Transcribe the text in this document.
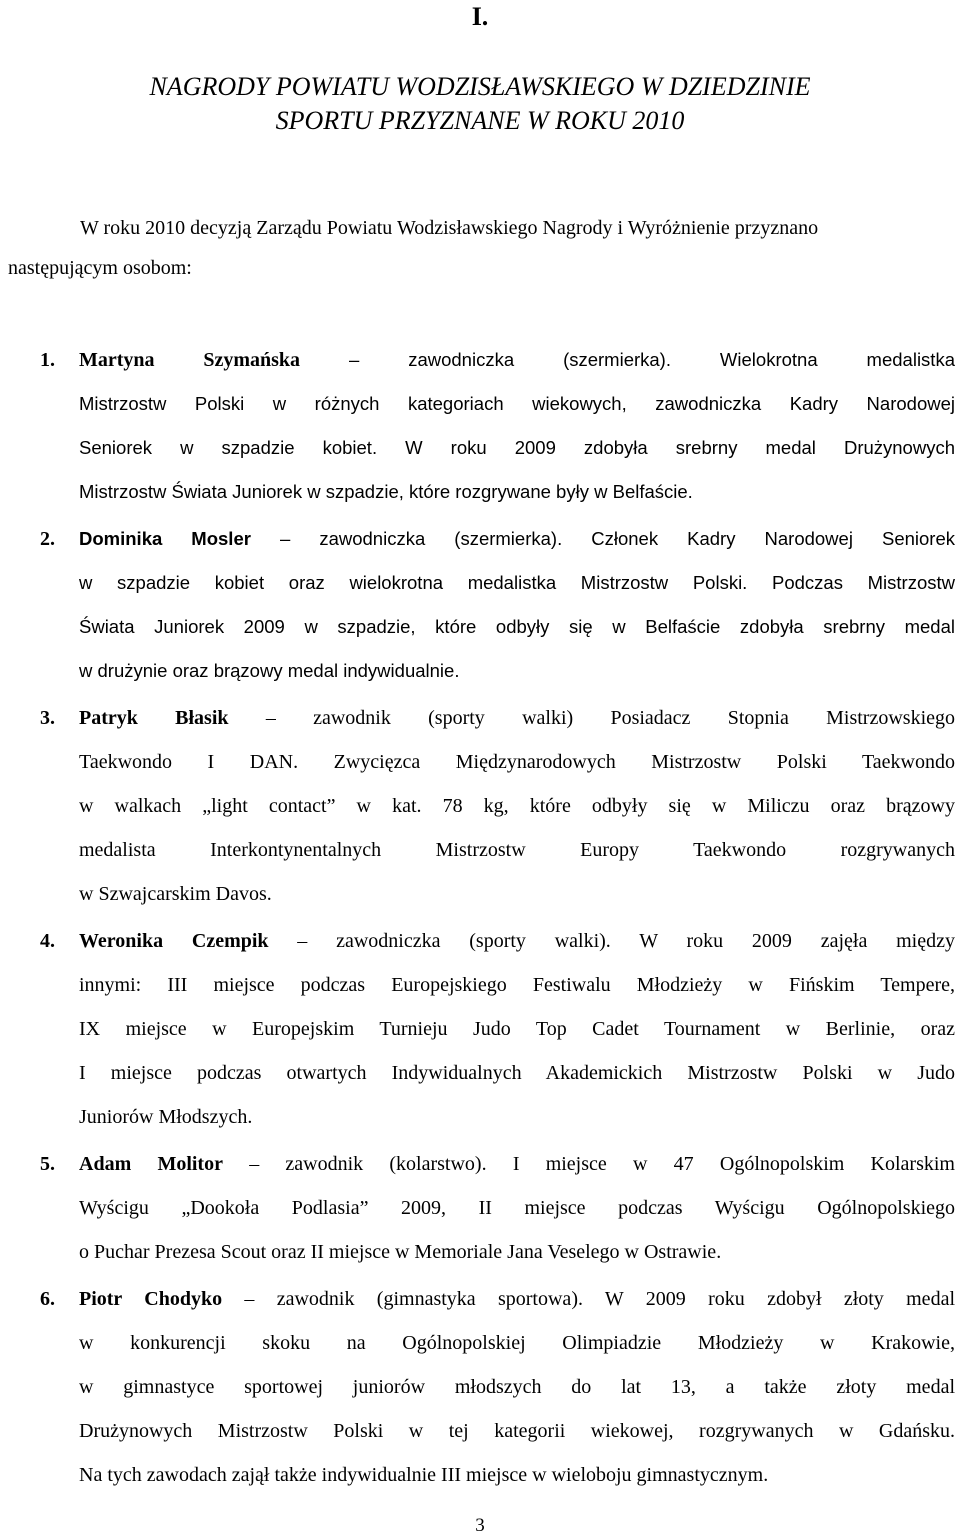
I.
NAGRODY POWIATU WODZISŁAWSKIEGO W DZIEDZINIE
SPORTU PRZYZNANE W ROKU 2010
W roku 2010 decyzją Zarządu Powiatu Wodzisławskiego Nagrody i Wyróżnienie przyznano następującym osobom:
1. Martyna Szymańska – zawodniczka (szermierka). Wielokrotna medalistka
Mistrzostw Polski w różnych kategoriach wiekowych, zawodniczka Kadry Narodowej
Seniorek w szpadzie kobiet. W roku 2009 zdobyła srebrny medal Drużynowych
Mistrzostw Świata Juniorek w szpadzie, które rozgrywane były w Belfaście.
2. Dominika Mosler – zawodniczka (szermierka). Członek Kadry Narodowej Seniorek
w szpadzie kobiet oraz wielokrotna medalistka Mistrzostw Polski. Podczas Mistrzostw
Świata Juniorek 2009 w szpadzie, które odbyły się w Belfaście zdobyła srebrny medal
w drużynie oraz brązowy medal indywidualnie.
3. Patryk Błasik – zawodnik (sporty walki) Posiadacz Stopnia Mistrzowskiego
Taekwondo I DAN. Zwycięzca Międzynarodowych Mistrzostw Polski Taekwondo
w walkach „light contact” w kat. 78 kg, które odbyły się w Miliczu oraz brązowy
medalista Interkontynentalnych Mistrzostw Europy Taekwondo rozgrywanych
w Szwajcarskim Davos.
4. Weronika Czempik – zawodniczka (sporty walki). W roku 2009 zajęła między
innymi: III miejsce podczas Europejskiego Festiwalu Młodzieży w Fińskim Tempere,
IX miejsce w Europejskim Turnieju Judo Top Cadet Tournament w Berlinie, oraz
I miejsce podczas otwartych Indywidualnych Akademickich Mistrzostw Polski w Judo
Juniorów Młodszych.
5. Adam Molitor – zawodnik (kolarstwo). I miejsce w 47 Ogólnopolskim Kolarskim
Wyścigu „Dookoła Podlasia” 2009, II miejsce podczas Wyścigu Ogólnopolskiego
o Puchar Prezesa Scout oraz II miejsce w Memoriale Jana Veselego w Ostrawie.
6. Piotr Chodyko – zawodnik (gimnastyka sportowa). W 2009 roku zdobył złoty medal
w konkurencji skoku na Ogólnopolskiej Olimpiadzie Młodzieży w Krakowie,
w gimnastyce sportowej juniorów młodszych do lat 13, a także złoty medal
Drużynowych Mistrzostw Polski w tej kategorii wiekowej, rozgrywanych w Gdańsku.
Na tych zawodach zajął także indywidualnie III miejsce w wieloboju gimnastycznym.
3
